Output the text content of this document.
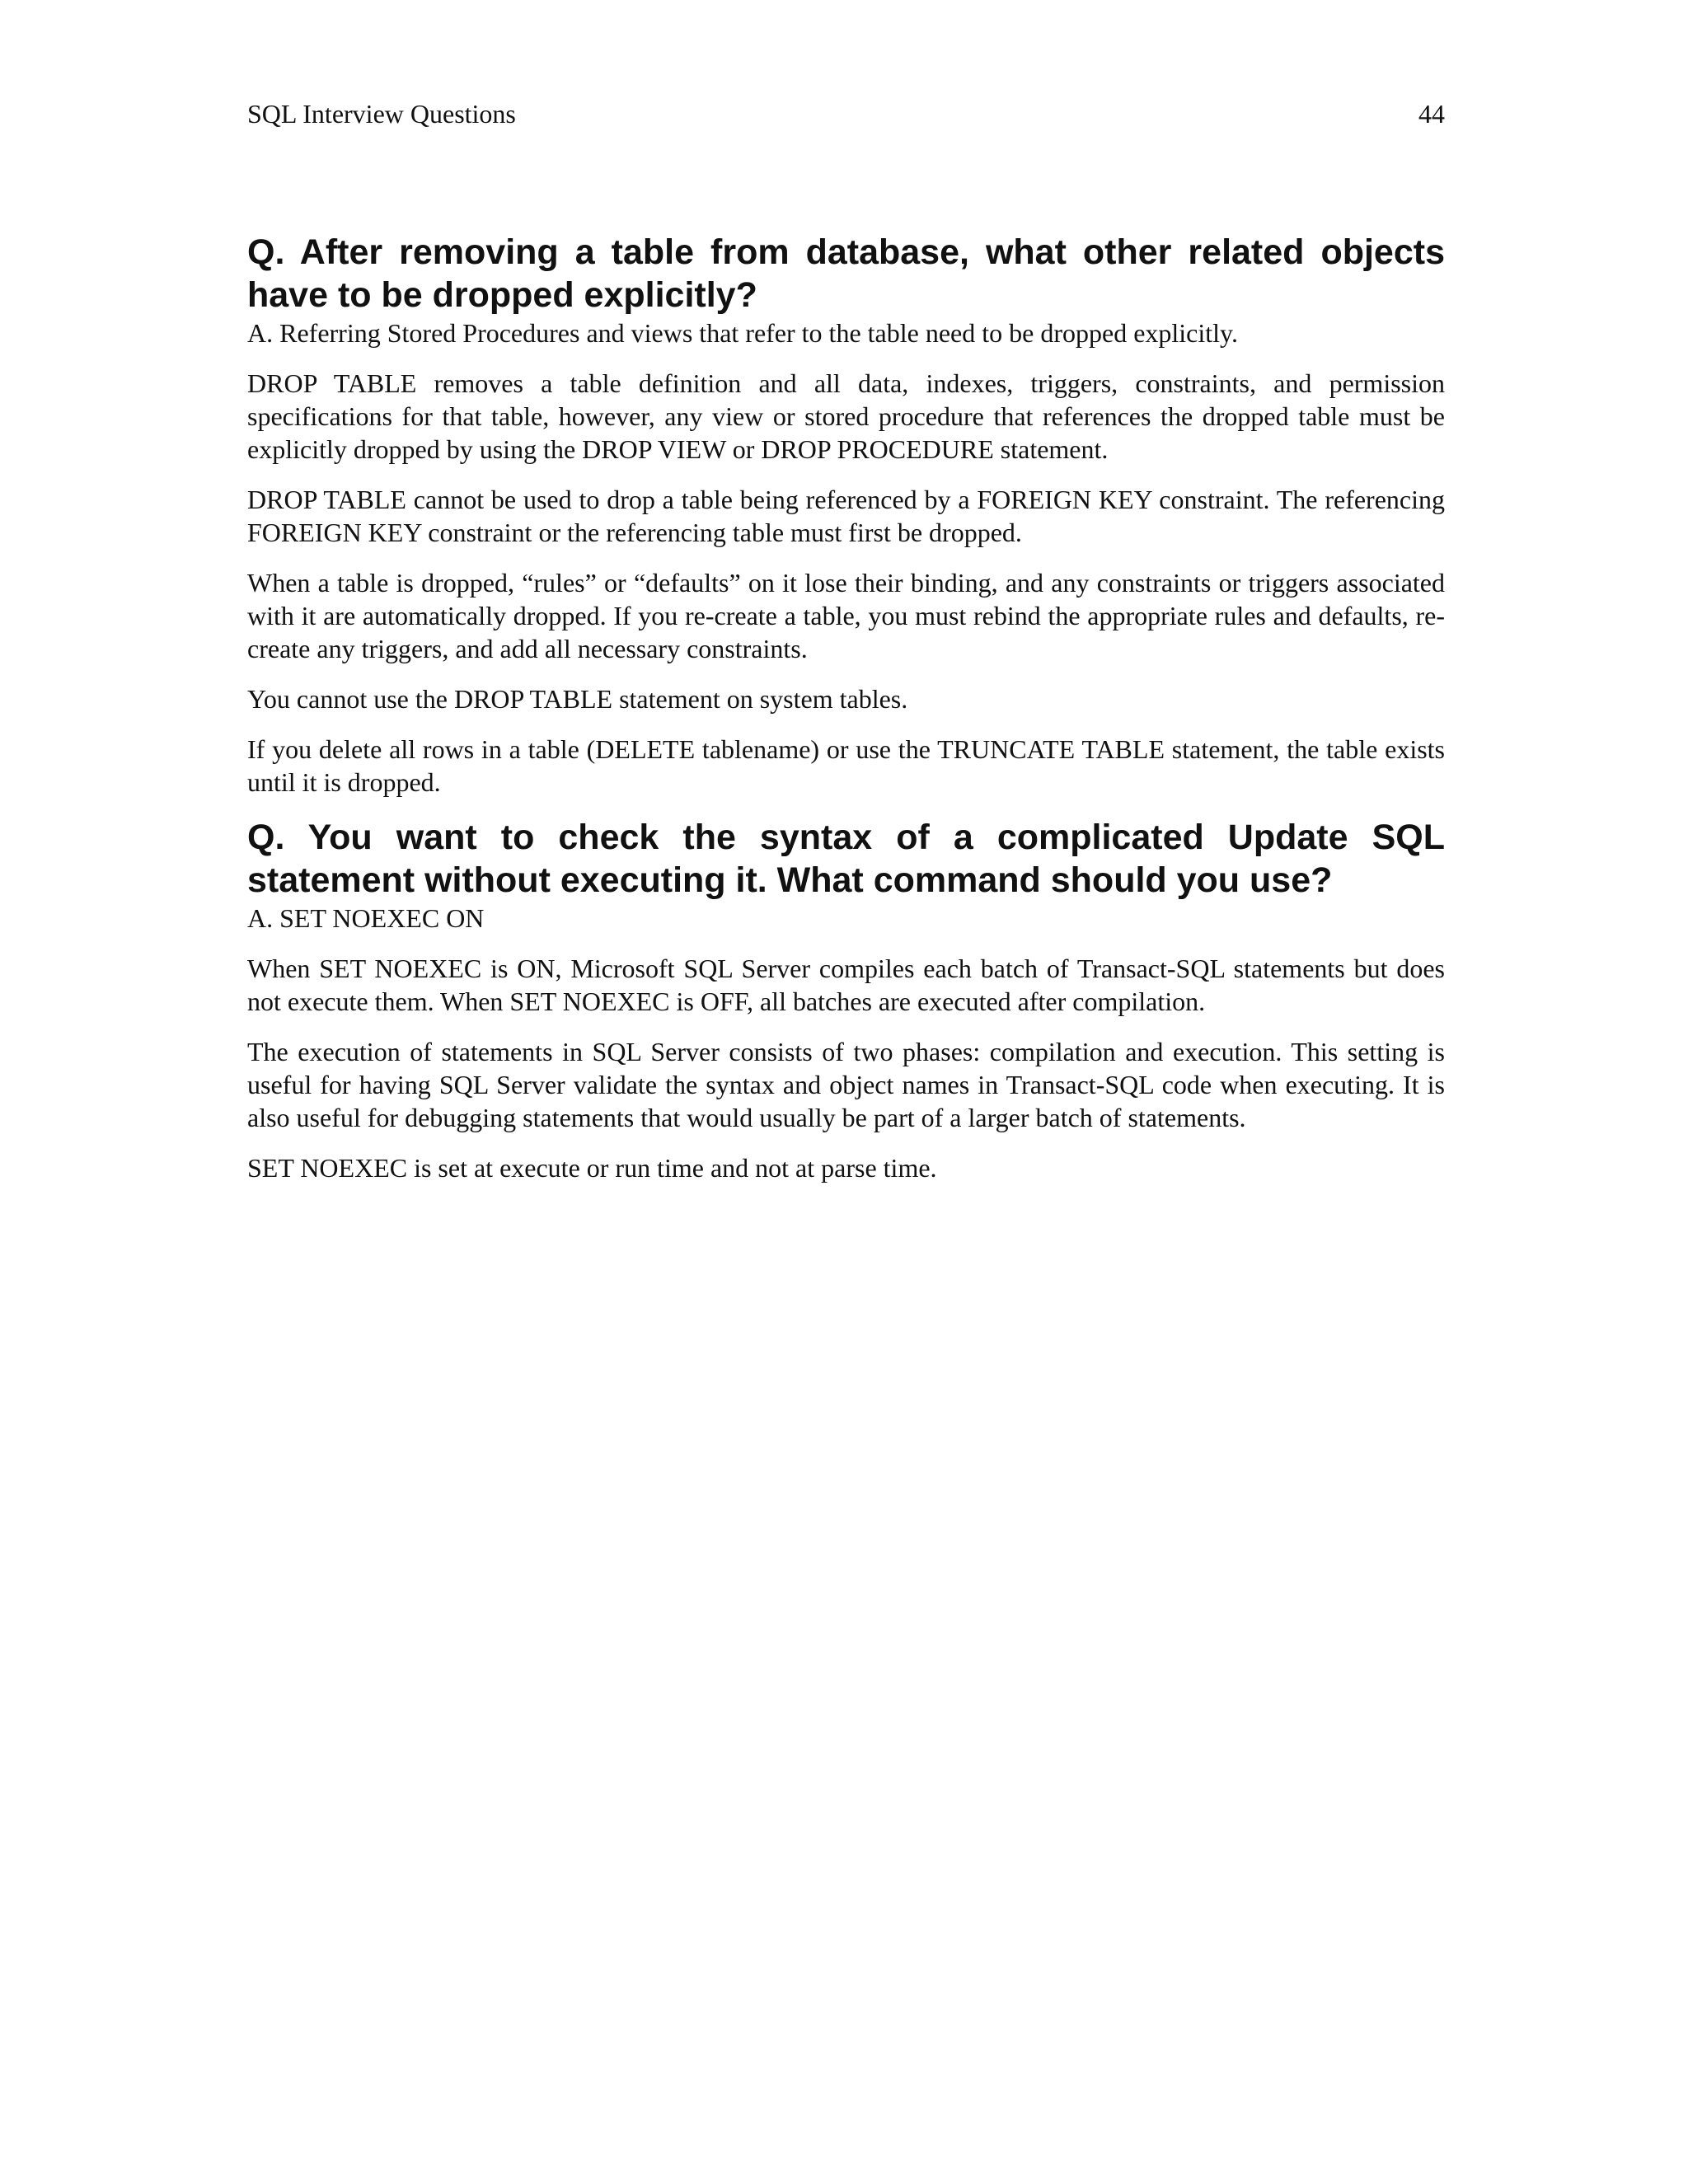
SQL Interview Questions	44
Q. After removing a table from database, what other related objects have to be dropped explicitly?

A. Referring Stored Procedures and views that refer to the table need to be dropped explicitly.

DROP TABLE removes a table definition and all data, indexes, triggers, constraints, and permission specifications for that table, however, any view or stored procedure that references the dropped table must be explicitly dropped by using the DROP VIEW or DROP PROCEDURE statement.

DROP TABLE cannot be used to drop a table being referenced by a FOREIGN KEY constraint. The referencing FOREIGN KEY constraint or the referencing table must first be dropped.

When a table is dropped, “rules” or “defaults” on it lose their binding, and any constraints or triggers associated with it are automatically dropped. If you re-create a table, you must rebind the appropriate rules and defaults, re-create any triggers, and add all necessary constraints.

You cannot use the DROP TABLE statement on system tables.

If you delete all rows in a table (DELETE tablename) or use the TRUNCATE TABLE statement, the table exists until it is dropped.

Q. You want to check the syntax of a complicated Update SQL statement without executing it. What command should you use?

A. SET NOEXEC ON

When SET NOEXEC is ON, Microsoft SQL Server compiles each batch of Transact-SQL statements but does not execute them. When SET NOEXEC is OFF, all batches are executed after compilation.

The execution of statements in SQL Server consists of two phases: compilation and execution. This setting is useful for having SQL Server validate the syntax and object names in Transact-SQL code when executing. It is also useful for debugging statements that would usually be part of a larger batch of statements.

SET NOEXEC is set at execute or run time and not at parse time.
